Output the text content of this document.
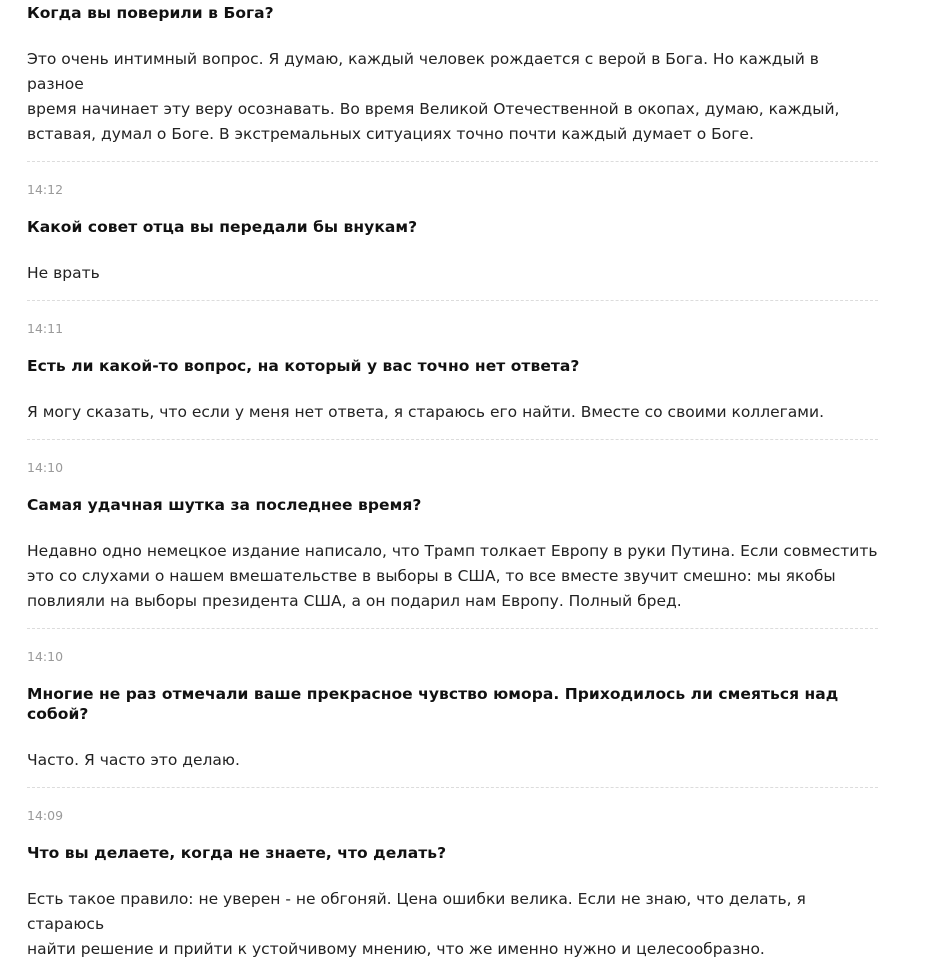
Когда вы поверили в Бога?
Это очень интимный вопрос. Я думаю, каждый человек рождается с верой в Бога. Но каждый в разное
время начинает эту веру осознавать. Во время Великой Отечественной в окопах, думаю, каждый,
вставая, думал о Боге. В экстремальных ситуациях точно почти каждый думает о Боге.
14:12
Какой совет отца вы передали бы внукам?
Не врать
14:11
Есть ли какой-то вопрос, на который у вас точно нет ответа?
Я могу сказать, что если у меня нет ответа, я стараюсь его найти. Вместе со своими коллегами.
14:10
Самая удачная шутка за последнее время?
Недавно одно немецкое издание написало, что Трамп толкает Европу в руки Путина. Если совместить
это со слухами о нашем вмешательстве в выборы в США, то все вместе звучит смешно: мы якобы
повлияли на выборы президента США, а он подарил нам Европу. Полный бред.
14:10
Многие не раз отмечали ваше прекрасное чувство юмора. Приходилось ли смеяться над собой?
Часто. Я часто это делаю.
14:09
Что вы делаете, когда не знаете, что делать?
Есть такое правило: не уверен - не обгоняй. Цена ошибки велика. Если не знаю, что делать, я стараюсь
найти решение и прийти к устойчивому мнению, что же именно нужно и целесообразно.
